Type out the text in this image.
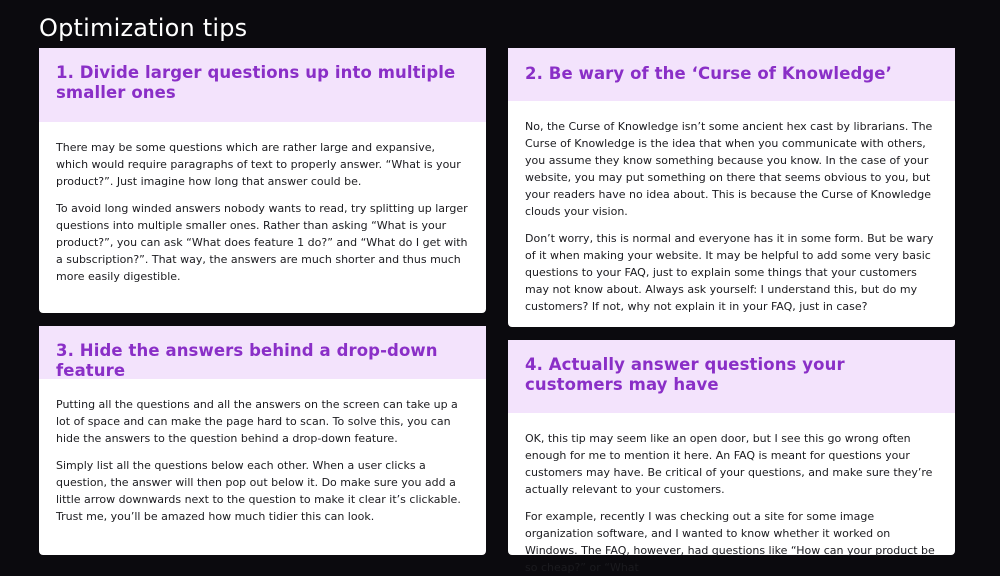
Optimization tips
1. Divide larger questions up into multiple smaller ones

There may be some questions which are rather large and expansive, which would require paragraphs of text to properly answer. “What is your product?”. Just imagine how long that answer could be.

To avoid long winded answers nobody wants to read, try splitting up larger questions into multiple smaller ones. Rather than asking “What is your product?”, you can ask “What does feature 1 do?” and “What do I get with a subscription?”. That way, the answers are much shorter and thus much more easily digestible.

2. Be wary of the ‘Curse of Knowledge’

No, the Curse of Knowledge isn’t some ancient hex cast by librarians. The Curse of Knowledge is the idea that when you communicate with others, you assume they know something because you know. In the case of your website, you may put something on there that seems obvious to you, but your readers have no idea about. This is because the Curse of Knowledge clouds your vision.

Don’t worry, this is normal and everyone has it in some form. But be wary of it when making your website. It may be helpful to add some very basic questions to your FAQ, just to explain some things that your customers may not know about. Always ask yourself: I understand this, but do my customers? If not, why not explain it in your FAQ, just in case?

3. Hide the answers behind a drop-down feature

Putting all the questions and all the answers on the screen can take up a lot of space and can make the page hard to scan. To solve this, you can hide the answers to the question behind a drop-down feature.

Simply list all the questions below each other. When a user clicks a question, the answer will then pop out below it. Do make sure you add a little arrow downwards next to the question to make it clear it’s clickable. Trust me, you’ll be amazed how much tidier this can look.

4. Actually answer questions your customers may have

OK, this tip may seem like an open door, but I see this go wrong often enough for me to mention it here. An FAQ is meant for questions your customers may have. Be critical of your questions, and make sure they’re actually relevant to your customers.

For example, recently I was checking out a site for some image organization software, and I wanted to know whether it worked on Windows. The FAQ, however, had questions like “How can your product be so cheap?” or “What
